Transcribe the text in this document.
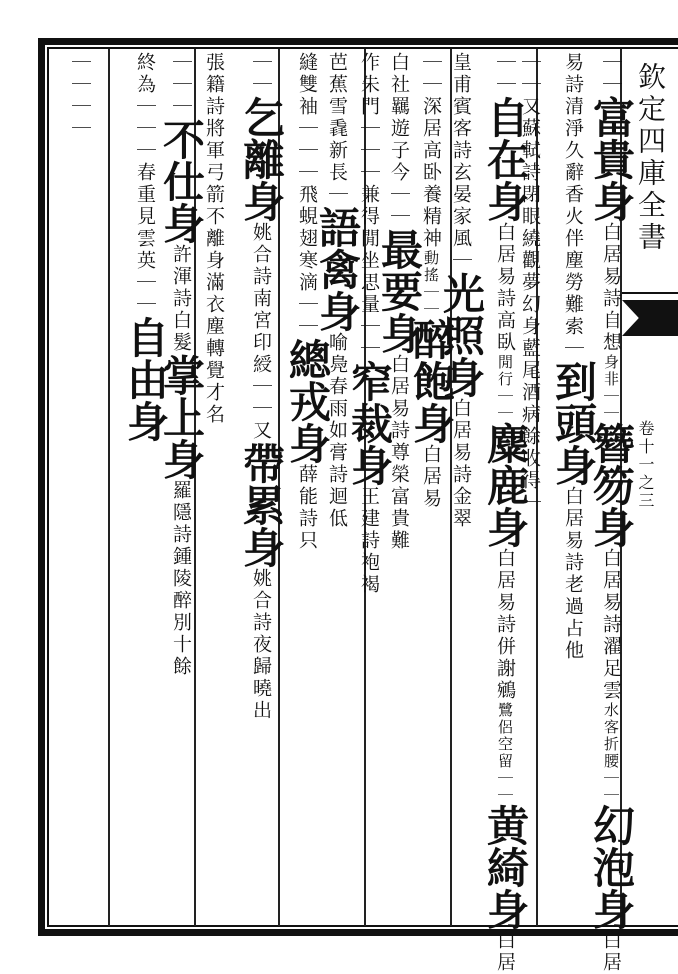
欽定四庫全書
卷十一之三
｜｜富貴身白居易詩自想身非｜｜簪笏身白居易詩濯足雲水客折腰｜｜幻泡身白居
易詩清淨久辭香火伴塵勞難索｜到頭身白居易詩老過占他
｜｜又蘇軾詩閉眼繞觀夢幻身藍尾酒病餘收得｜
｜｜自在身白居易詩高臥閒行｜｜麋鹿身白居易詩併謝鵷鷺侶空留｜｜黄綺身白居
皇甫賓客詩玄晏家風｜光照身白居易詩金翠
｜｜深居高卧養精神動搖｜｜醉飽身白居易
白社羈遊子今｜｜最要身白居易詩尊榮富貴難
作朱門｜｜｜兼得閒坐思量｜｜窄裁身王建詩袍褐
芭蕉雪毳新長｜語禽身喻鳧春雨如膏詩迴低
縫雙袖｜｜｜飛蜆翅寒滴｜｜總戎身薛能詩只
｜｜乞離身姚合詩南宮印綬｜｜又帶累身姚合詩夜歸曉出
張籍詩將軍弓箭不離身滿衣塵轉覺才名
｜｜｜不仕身許渾詩白髮掌上身羅隱詩鍾陵醉別十餘
終為｜｜｜春重見雲英｜｜自由身
｜｜｜｜
